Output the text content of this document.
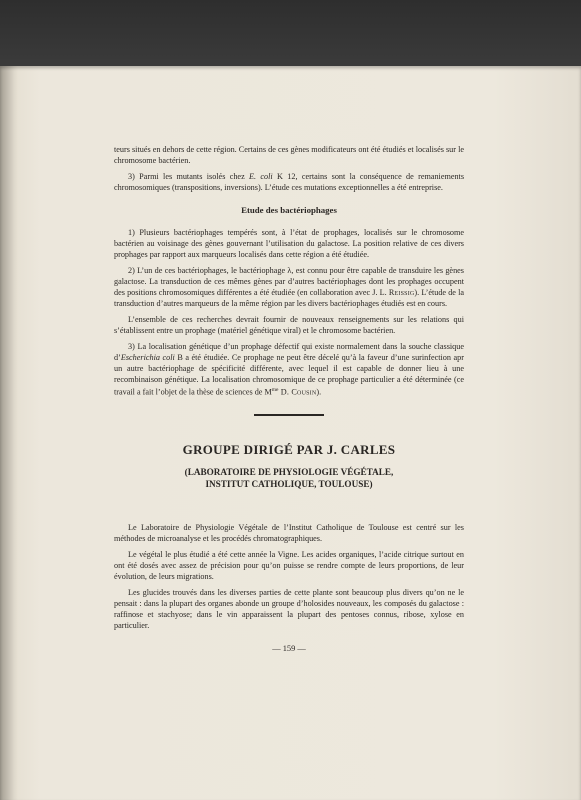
teurs situés en dehors de cette région. Certains de ces gènes modificateurs ont été étudiés et localisés sur le chromosome bactérien.

3) Parmi les mutants isolés chez E. coli K 12, certains sont la conséquence de remaniements chromosomiques (transpositions, inversions). L’étude ces mutations exceptionnelles a été entreprise.

Etude des bactériophages

1) Plusieurs bactériophages tempérés sont, à l’état de prophages, localisés sur le chromosome bactérien au voisinage des gènes gouvernant l’utilisation du galactose. La position relative de ces divers prophages par rapport aux marqueurs localisés dans cette région a été étudiée.

2) L’un de ces bactériophages, le bactériophage λ, est connu pour être capable de transduire les gènes galactose. La transduction de ces mêmes gènes par d’autres bactériophages dont les prophages occupent des positions chromosomiques différentes a été étudiée (en collaboration avec J. L. Reissig). L’étude de la transduction d’autres marqueurs de la même région par les divers bactériophages étudiés est en cours.

L’ensemble de ces recherches devrait fournir de nouveaux renseignements sur les relations qui s’établissent entre un prophage (matériel génétique viral) et le chromosome bactérien.

3) La localisation génétique d’un prophage défectif qui existe normalement dans la souche classique d’Escherichia coli B a été étudiée. Ce prophage ne peut être décelé qu’à la faveur d’une surinfection apr un autre bactériophage de spécificité différente, avec lequel il est capable de donner lieu à une recombinaison génétique. La localisation chromosomique de ce prophage particulier a été déterminée (ce travail a fait l’objet de la thèse de sciences de $M^{me}$ D. Cousin).

GROUPE DIRIGÉ PAR J. CARLES
(LABORATOIRE DE PHYSIOLOGIE VÉGÉTALE,
INSTITUT CATHOLIQUE, TOULOUSE)

Le Laboratoire de Physiologie Végétale de l’Institut Catholique de Toulouse est centré sur les méthodes de microanalyse et les procédés chromatographiques.

Le végétal le plus étudié a été cette année la Vigne. Les acides organiques, l’acide citrique surtout en ont été dosés avec assez de précision pour qu’on puisse se rendre compte de leurs proportions, de leur évolution, de leurs migrations.

Les glucides trouvés dans les diverses parties de cette plante sont beaucoup plus divers qu’on ne le pensait : dans la plupart des organes abonde un groupe d’holosides nouveaux, les composés du galactose : raffinose et stachyose; dans le vin apparaissent la plupart des pentoses connus, ribose, xylose en particulier.

— 159 —
